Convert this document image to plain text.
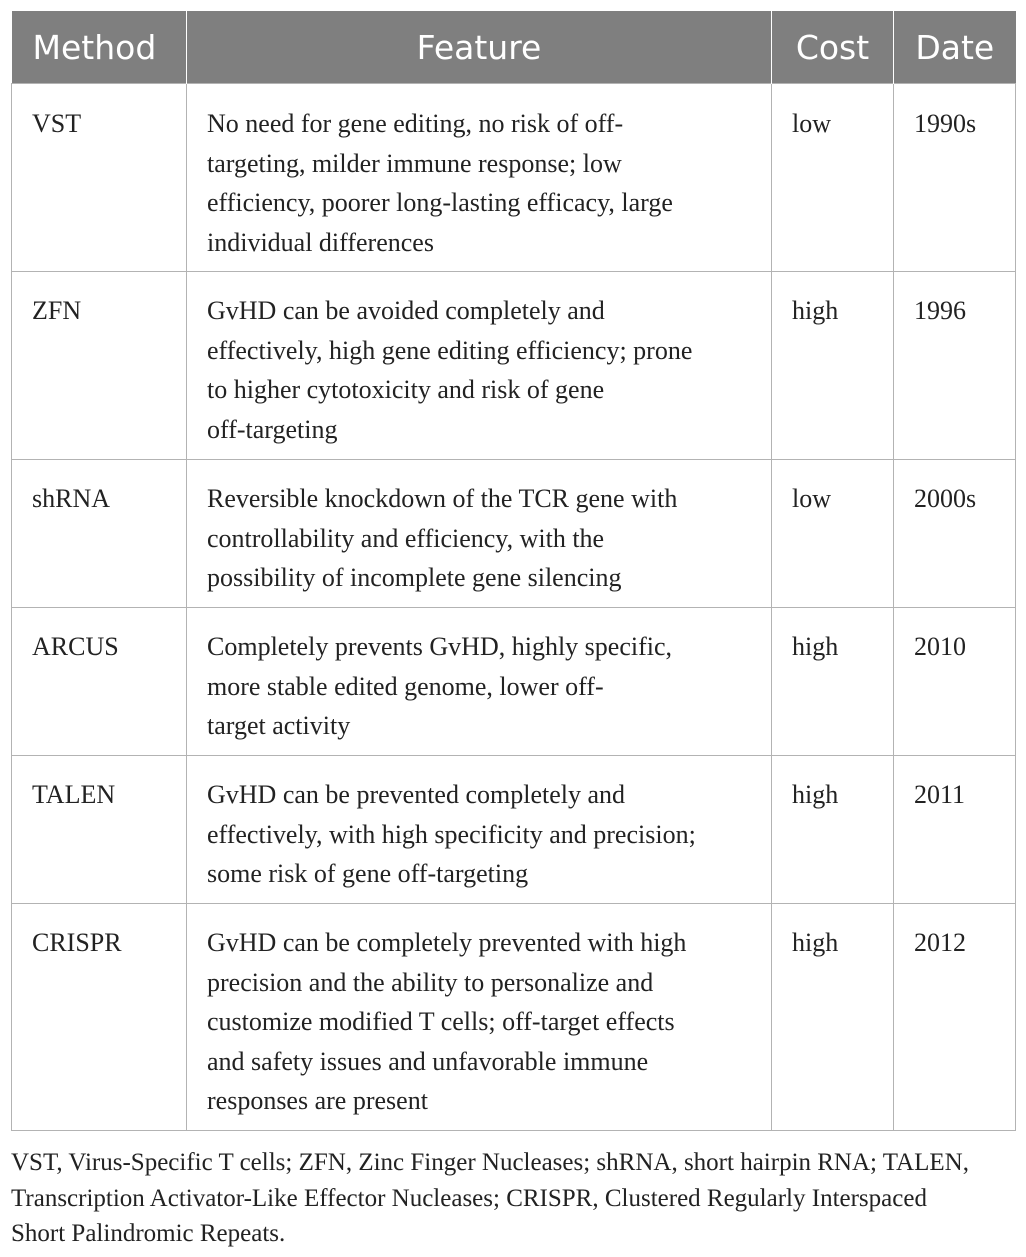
Method	Feature	Cost	Date
VST	No need for gene editing, no risk of off-
targeting, milder immune response; low
efficiency, poorer long-lasting efficacy, large
individual differences	low	1990s
ZFN	GvHD can be avoided completely and
effectively, high gene editing efficiency; prone
to higher cytotoxicity and risk of gene
off-targeting	high	1996
shRNA	Reversible knockdown of the TCR gene with
controllability and efficiency, with the
possibility of incomplete gene silencing	low	2000s
ARCUS	Completely prevents GvHD, highly specific,
more stable edited genome, lower off-
target activity	high	2010
TALEN	GvHD can be prevented completely and
effectively, with high specificity and precision;
some risk of gene off-targeting	high	2011
CRISPR	GvHD can be completely prevented with high
precision and the ability to personalize and
customize modified T cells; off-target effects
and safety issues and unfavorable immune
responses are present	high	2012
VST, Virus-Specific T cells; ZFN, Zinc Finger Nucleases; shRNA, short hairpin RNA; TALEN,
Transcription Activator-Like Effector Nucleases; CRISPR, Clustered Regularly Interspaced
Short Palindromic Repeats.
